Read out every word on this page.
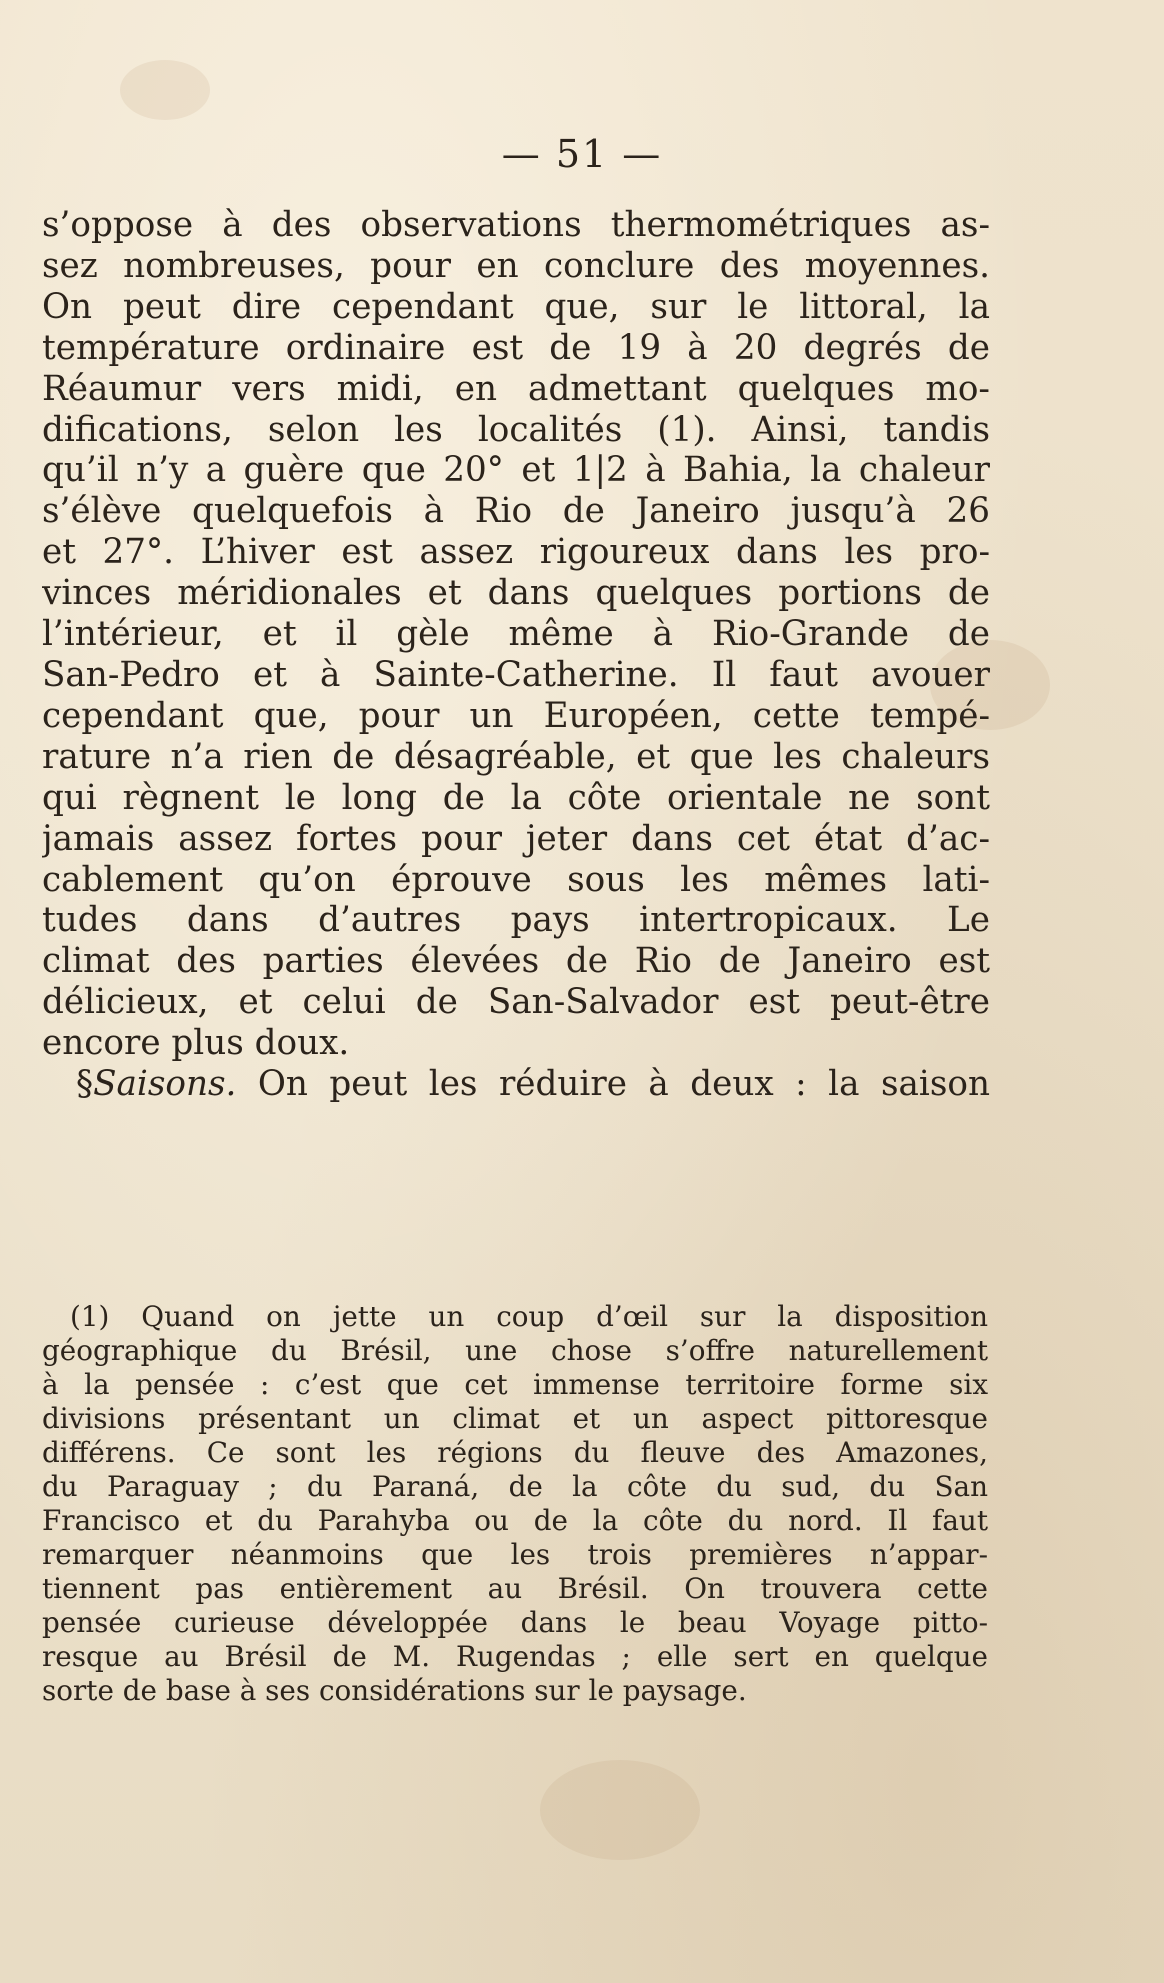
— 51 —
s’oppose à des observations thermométriques as-
sez nombreuses, pour en conclure des moyennes.
On peut dire cependant que, sur le littoral, la
température ordinaire est de 19 à 20 degrés de
Réaumur vers midi, en admettant quelques mo-
difications, selon les localités (1). Ainsi, tandis
qu’il n’y a guère que 20° et 1|2 à Bahia, la chaleur
s’élève quelquefois à Rio de Janeiro jusqu’à 26
et 27°. L’hiver est assez rigoureux dans les pro-
vinces méridionales et dans quelques portions de
l’intérieur, et il gèle même à Rio-Grande de
San-Pedro et à Sainte-Catherine. Il faut avouer
cependant que, pour un Européen, cette tempé-
rature n’a rien de désagréable, et que les chaleurs
qui règnent le long de la côte orientale ne sont
jamais assez fortes pour jeter dans cet état d’ac-
cablement qu’on éprouve sous les mêmes lati-
tudes dans d’autres pays intertropicaux. Le
climat des parties élevées de Rio de Janeiro est
délicieux, et celui de San-Salvador est peut-être
encore plus doux.
§Saisons. On peut les réduire à deux : la saison
(1) Quand on jette un coup d’œil sur la disposition
géographique du Brésil, une chose s’offre naturellement
à la pensée : c’est que cet immense territoire forme six
divisions présentant un climat et un aspect pittoresque
différens. Ce sont les régions du fleuve des Amazones,
du Paraguay ; du Paraná, de la côte du sud, du San
Francisco et du Parahyba ou de la côte du nord. Il faut
remarquer néanmoins que les trois premières n’appar-
tiennent pas entièrement au Brésil. On trouvera cette
pensée curieuse développée dans le beau Voyage pitto-
resque au Brésil de M. Rugendas ; elle sert en quelque
sorte de base à ses considérations sur le paysage.
